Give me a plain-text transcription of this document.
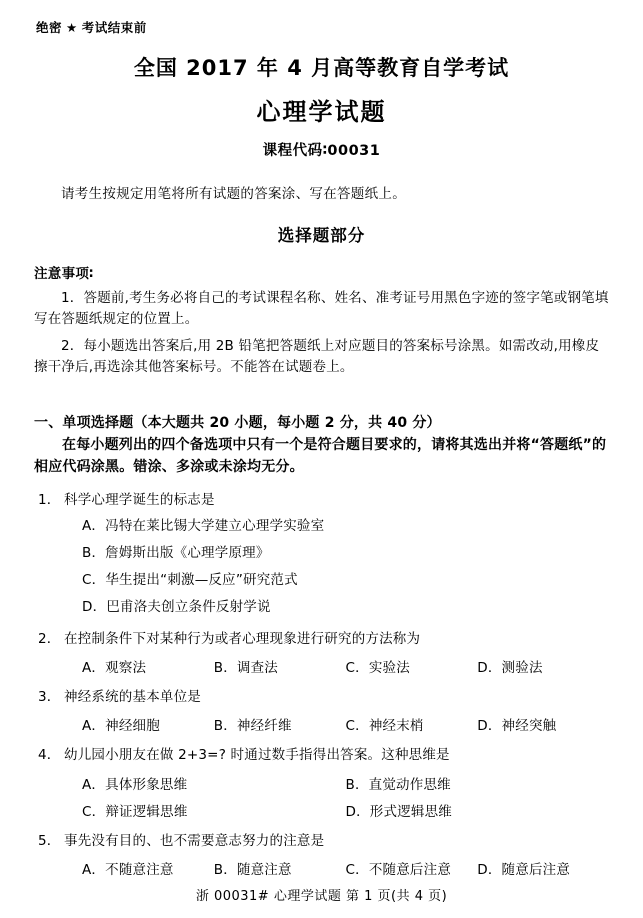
绝密 ★ 考试结束前
全国 2017 年 4 月高等教育自学考试
心理学试题
课程代码∶00031
请考生按规定用笔将所有试题的答案涂、写在答题纸上。
选择题部分
注意事项∶
1．答题前,考生务必将自己的考试课程名称、姓名、准考证号用黑色字迹的签字笔或钢笔填写在答题纸规定的位置上。
2．每小题选出答案后,用 2B 铅笔把答题纸上对应题目的答案标号涂黑。如需改动,用橡皮擦干净后,再选涂其他答案标号。不能答在试题卷上。
一、单项选择题（本大题共 20 小题，每小题 2 分，共 40 分）
在每小题列出的四个备选项中只有一个是符合题目要求的，请将其选出并将“答题纸”的相应代码涂黑。错涂、多涂或未涂均无分。
1． 科学心理学诞生的标志是
A．冯特在莱比锡大学建立心理学实验室
B．詹姆斯出版《心理学原理》
C．华生提出“刺激—反应”研究范式
D．巴甫洛夫创立条件反射学说
2． 在控制条件下对某种行为或者心理现象进行研究的方法称为
A．观察法	B．调查法	C．实验法	D．测验法
3． 神经系统的基本单位是
A．神经细胞	B．神经纤维	C．神经末梢	D．神经突触
4． 幼儿园小朋友在做 2+3=? 时通过数手指得出答案。这种思维是
A．具体形象思维	B．直觉动作思维
C．辩证逻辑思维	D．形式逻辑思维
5． 事先没有目的、也不需要意志努力的注意是
A．不随意注意	B．随意注意	C．不随意后注意	D．随意后注意
浙 00031# 心理学试题 第 1 页(共 4 页)
